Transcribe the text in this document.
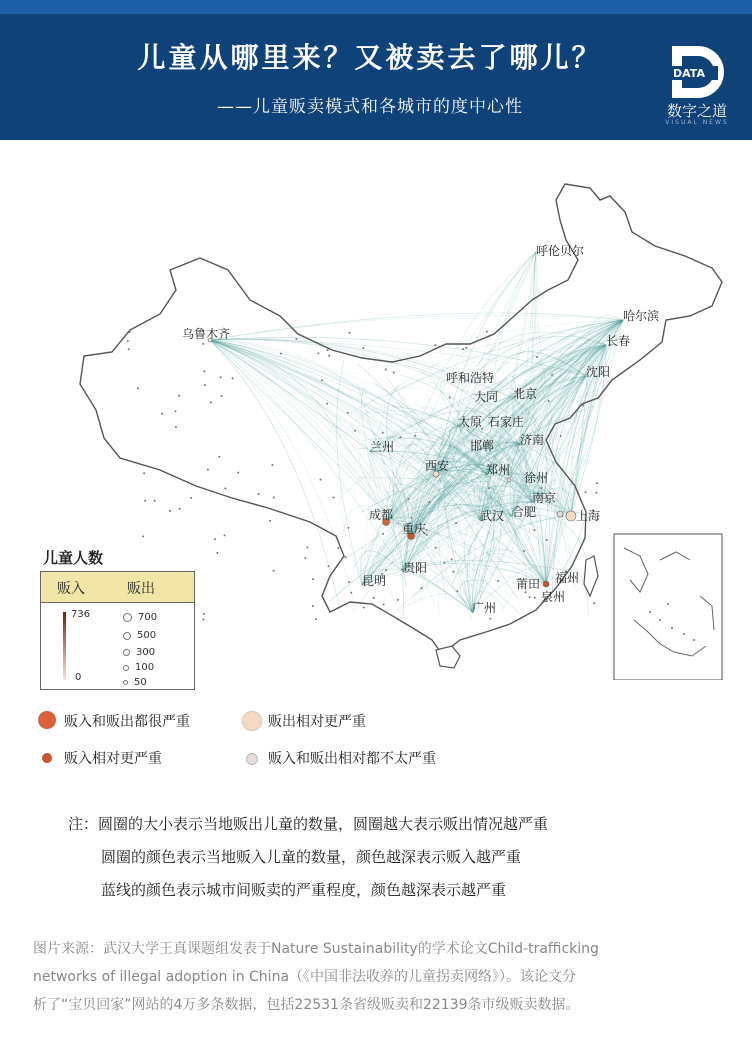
儿童从哪里来？又被卖去了哪儿？
——儿童贩卖模式和各城市的度中心性
DATA
数字之道
VISUAL NEWS
呼伦贝尔
哈尔滨
长春
沈阳
乌鲁木齐
呼和浩特
北京
大同
太原 石家庄
兰州	邯郸 济南
西安	郑州
徐州
南京
成都	合肥
武汉	上海
重庆
贵阳
昆明	莆田 福州
泉州
广州
儿童人数
贩入	贩出
736
0
700
500
300
100
50
贩入和贩出都很严重	贩出相对更严重
贩入相对更严重	贩入和贩出相对都不太严重
注：圆圈的大小表示当地贩出儿童的数量，圆圈越大表示贩出情况越严重
圆圈的颜色表示当地贩入儿童的数量，颜色越深表示贩入越严重
蓝线的颜色表示城市间贩卖的严重程度，颜色越深表示越严重
图片来源：武汉大学王真课题组发表于Nature Sustainability的学术论文Child-trafficking
networks of illegal adoption in China（《中国非法收养的儿童拐卖网络》）。该论文分
析了“宝贝回家”网站的4万多条数据，包括22531条省级贩卖和22139条市级贩卖数据。
